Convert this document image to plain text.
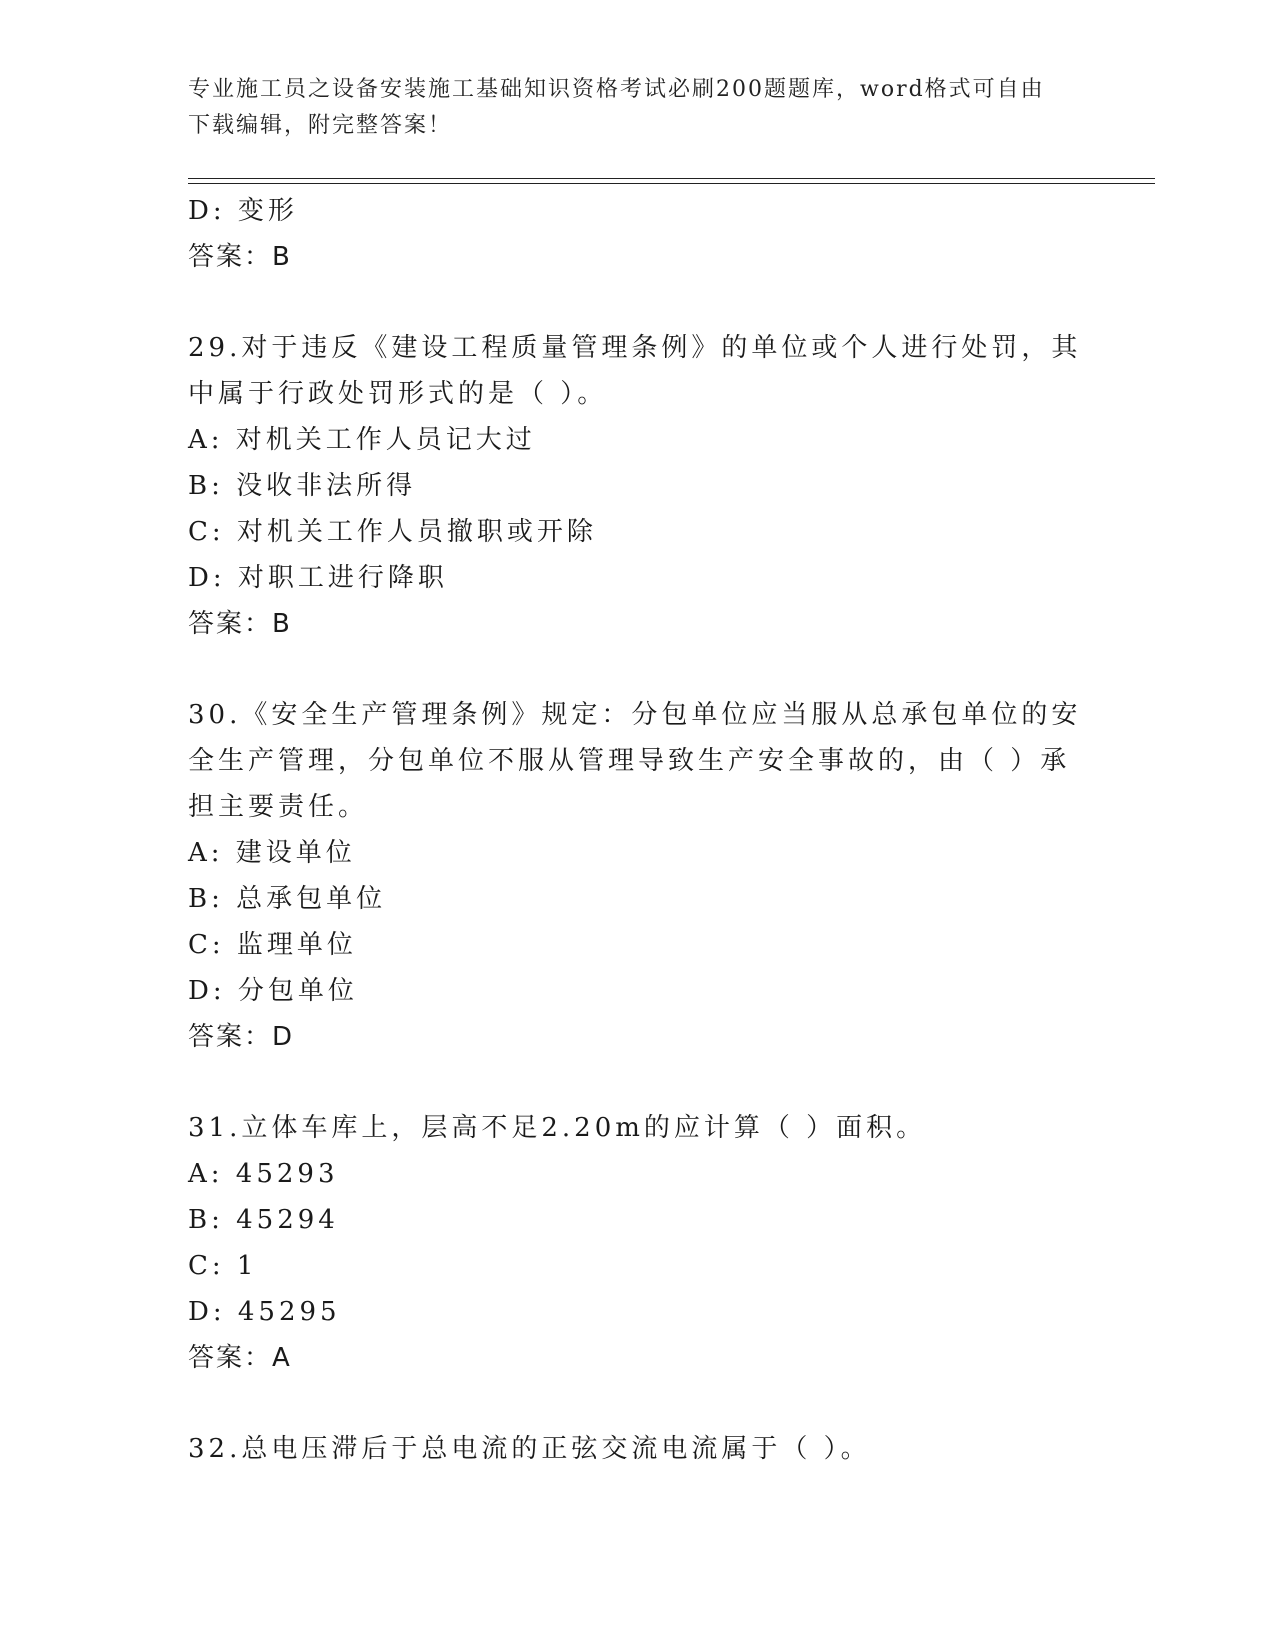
专业施工员之设备安装施工基础知识资格考试必刷200题题库，word格式可自由下载编辑，附完整答案！
D: 变形
答案：B
29.对于违反《建设工程质量管理条例》的单位或个人进行处罚，其中属于行政处罚形式的是（ ）。
A: 对机关工作人员记大过
B: 没收非法所得
C: 对机关工作人员撤职或开除
D: 对职工进行降职
答案：B
30.《安全生产管理条例》规定：分包单位应当服从总承包单位的安全生产管理，分包单位不服从管理导致生产安全事故的，由（ ）承担主要责任。
A: 建设单位
B: 总承包单位
C: 监理单位
D: 分包单位
答案：D
31.立体车库上，层高不足2.20m的应计算（ ）面积。
A: 45293
B: 45294
C: 1
D: 45295
答案：A
32.总电压滞后于总电流的正弦交流电流属于（ ）。
